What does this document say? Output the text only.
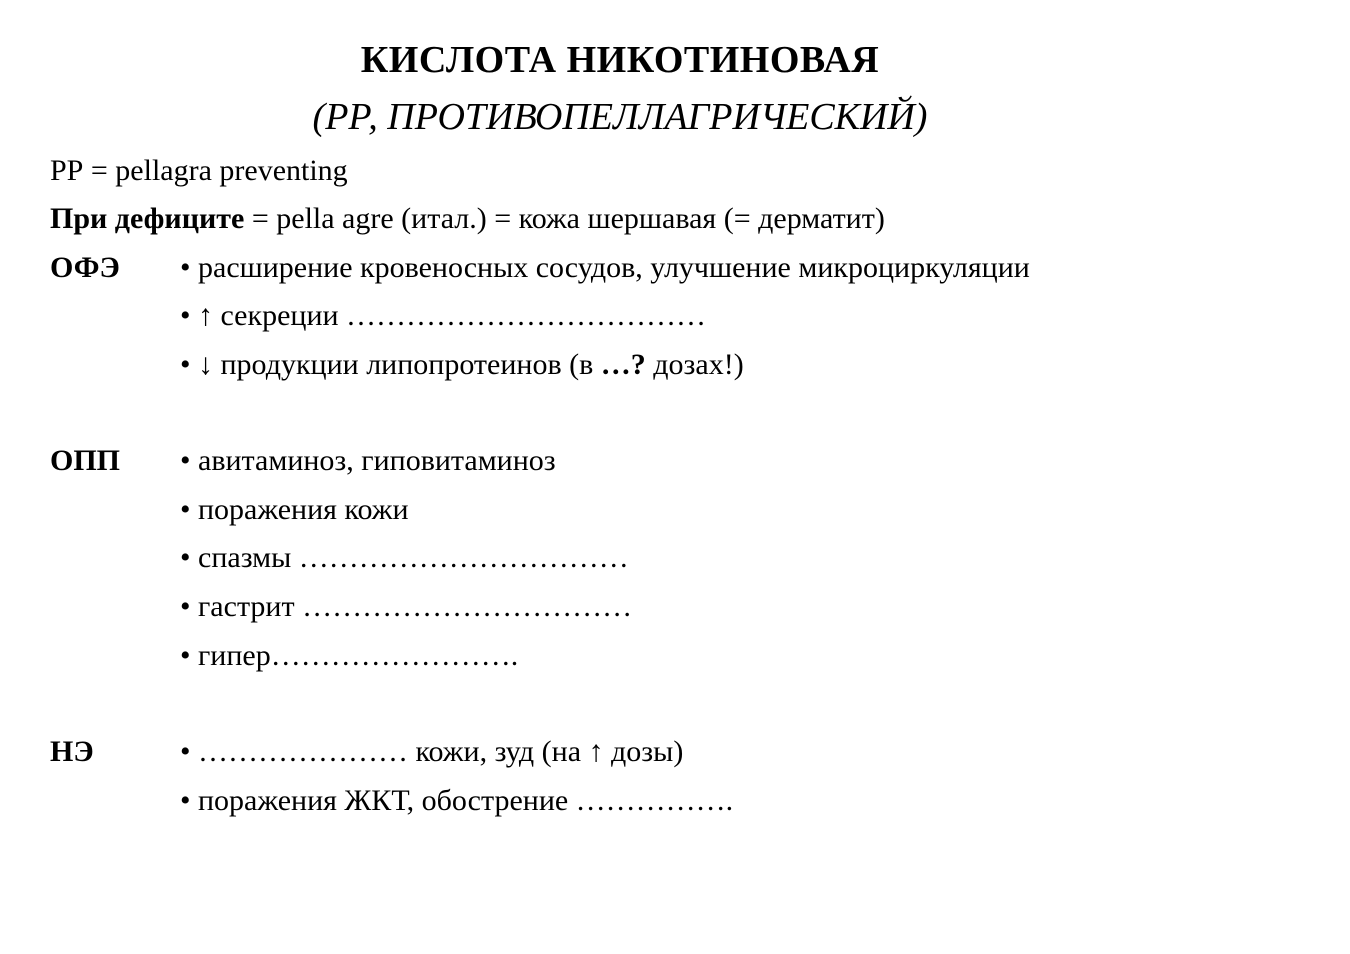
КИСЛОТА НИКОТИНОВАЯ
(РР, ПРОТИВОПЕЛЛАГРИЧЕСКИЙ)
РР = pellagra preventing
При дефиците = pella agre (итал.) = кожа шершавая (= дерматит)
ОФЭ • расширение кровеносных сосудов, улучшение микроциркуляции
• ↑ секреции ………………………………
• ↓ продукции липопротеинов (в …? дозах!)
ОПП • авитаминоз, гиповитаминоз
• поражения кожи
• спазмы ……………………………
• гастрит ……………………………
• гипер…………………….
НЭ	• ………………… кожи, зуд (на ↑ дозы)
• поражения ЖКТ, обострение …………….
